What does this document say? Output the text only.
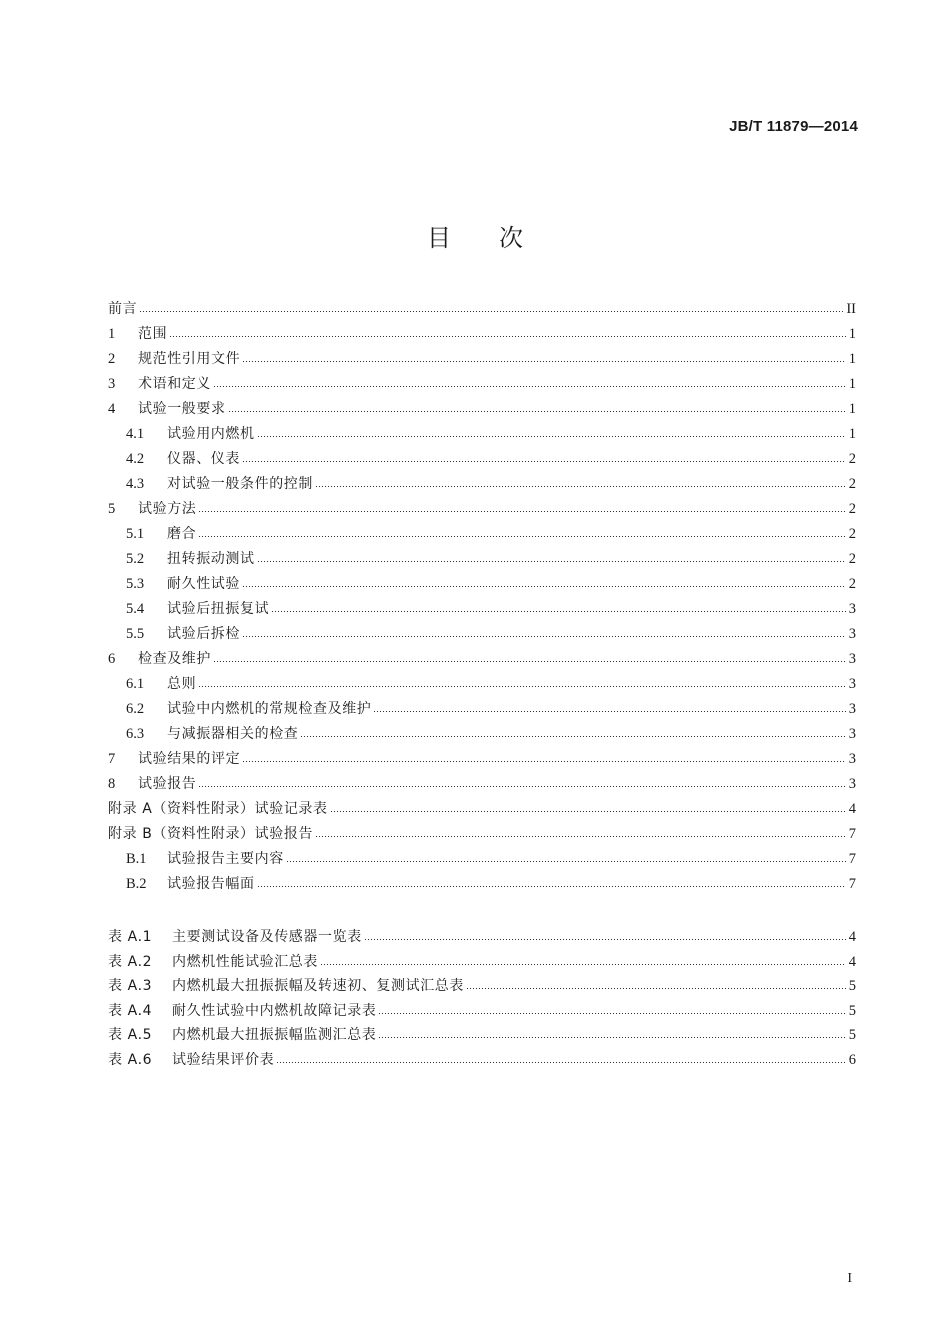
JB/T 11879—2014
目 次
前言	II
1	范围	1
2	规范性引用文件	1
3	术语和定义	1
4	试验一般要求	1
4.1	试验用内燃机	1
4.2	仪器、仪表	2
4.3	对试验一般条件的控制	2
5	试验方法	2
5.1	磨合	2
5.2	扭转振动测试	2
5.3	耐久性试验	2
5.4	试验后扭振复试	3
5.5	试验后拆检	3
6	检查及维护	3
6.1	总则	3
6.2	试验中内燃机的常规检查及维护	3
6.3	与减振器相关的检查	3
7	试验结果的评定	3
8	试验报告	3
附录 A（资料性附录）试验记录表	4
附录 B（资料性附录）试验报告	7
B.1	试验报告主要内容	7
B.2	试验报告幅面	7
表 A.1	主要测试设备及传感器一览表	4
表 A.2	内燃机性能试验汇总表	4
表 A.3	内燃机最大扭振振幅及转速初、复测试汇总表	5
表 A.4	耐久性试验中内燃机故障记录表	5
表 A.5	内燃机最大扭振振幅监测汇总表	5
表 A.6	试验结果评价表	6
I
